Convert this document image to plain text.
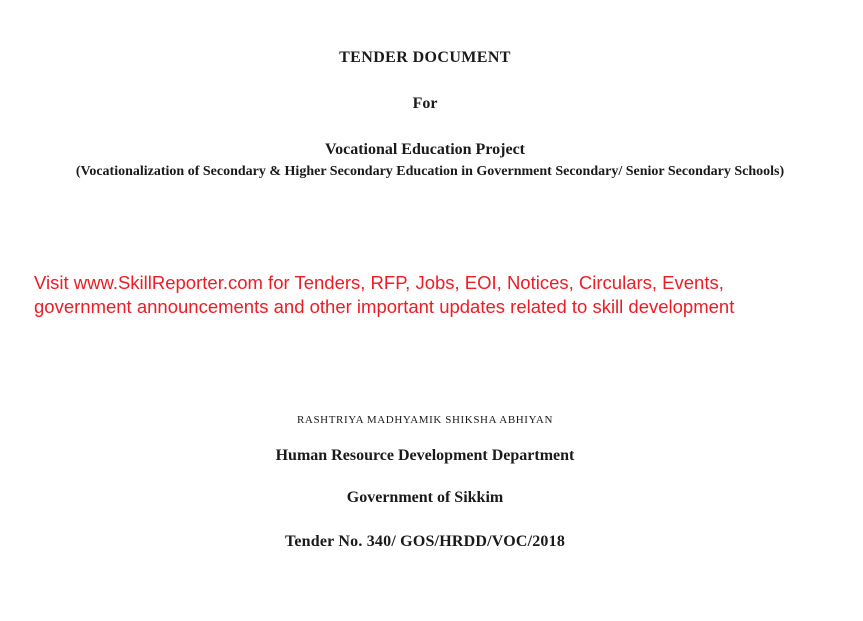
TENDER DOCUMENT
For
Vocational Education Project
(Vocationalization of Secondary & Higher Secondary Education in Government Secondary/ Senior Secondary Schools)
Visit www.SkillReporter.com for Tenders, RFP, Jobs, EOI, Notices, Circulars, Events,
government announcements and other important updates related to skill development
RASHTRIYA MADHYAMIK SHIKSHA ABHIYAN
Human Resource Development Department
Government of Sikkim
Tender No. 340/ GOS/HRDD/VOC/2018
